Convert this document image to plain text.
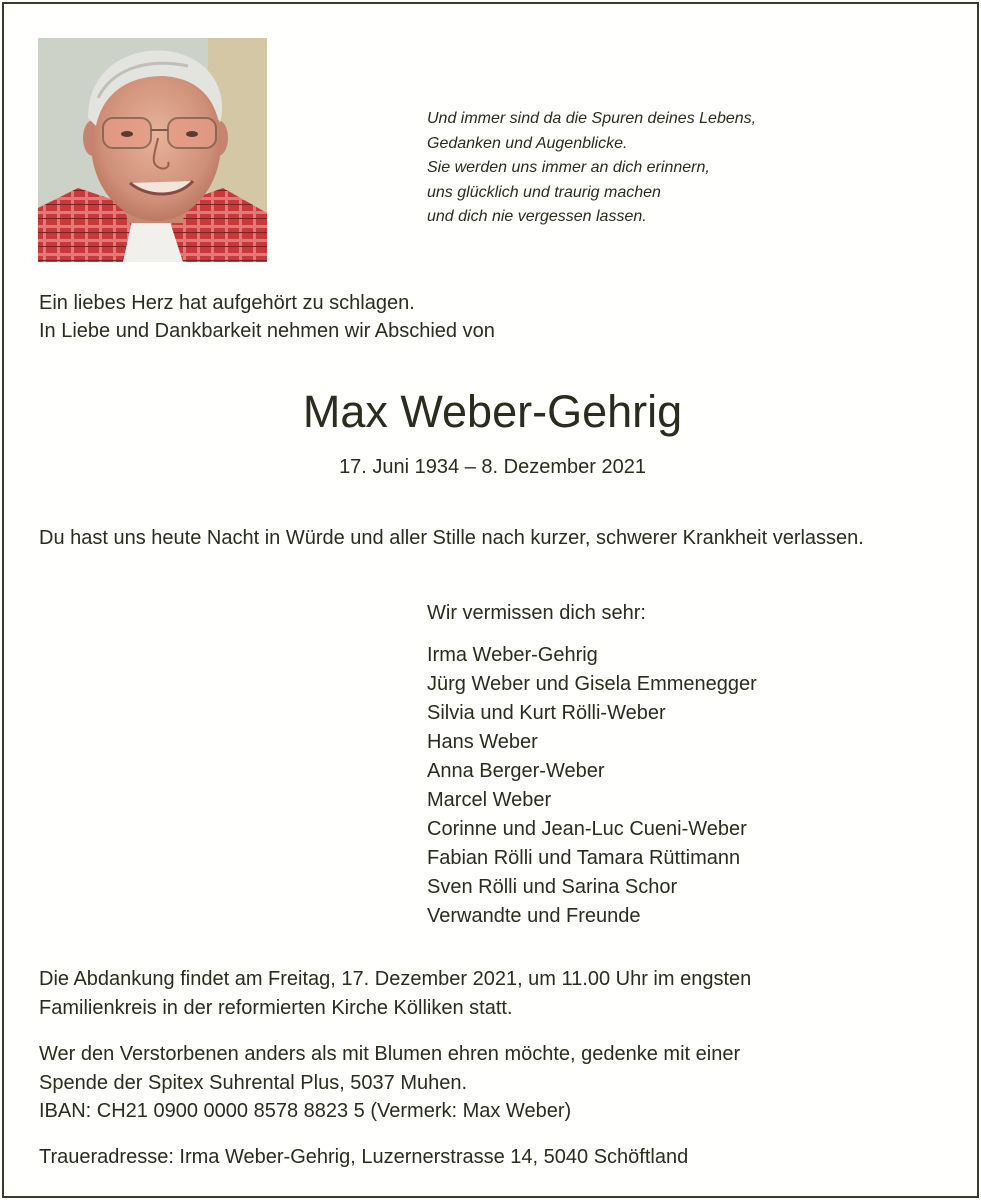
Und immer sind da die Spuren deines Lebens,
Gedanken und Augenblicke.
Sie werden uns immer an dich erinnern,
uns glücklich und traurig machen
und dich nie vergessen lassen.
Ein liebes Herz hat aufgehört zu schlagen.
In Liebe und Dankbarkeit nehmen wir Abschied von
Max Weber-Gehrig
17. Juni 1934 – 8. Dezember 2021
Du hast uns heute Nacht in Würde und aller Stille nach kurzer, schwerer Krankheit verlassen.
Wir vermissen dich sehr:
Irma Weber-Gehrig
Jürg Weber und Gisela Emmenegger
Silvia und Kurt Rölli-Weber
Hans Weber
Anna Berger-Weber
Marcel Weber
Corinne und Jean-Luc Cueni-Weber
Fabian Rölli und Tamara Rüttimann
Sven Rölli und Sarina Schor
Verwandte und Freunde
Die Abdankung findet am Freitag, 17. Dezember 2021, um 11.00 Uhr im engsten
Familienkreis in der reformierten Kirche Kölliken statt.
Wer den Verstorbenen anders als mit Blumen ehren möchte, gedenke mit einer
Spende der Spitex Suhrental Plus, 5037 Muhen.
IBAN: CH21 0900 0000 8578 8823 5 (Vermerk: Max Weber)
Traueradresse: Irma Weber-Gehrig, Luzernerstrasse 14, 5040 Schöftland
